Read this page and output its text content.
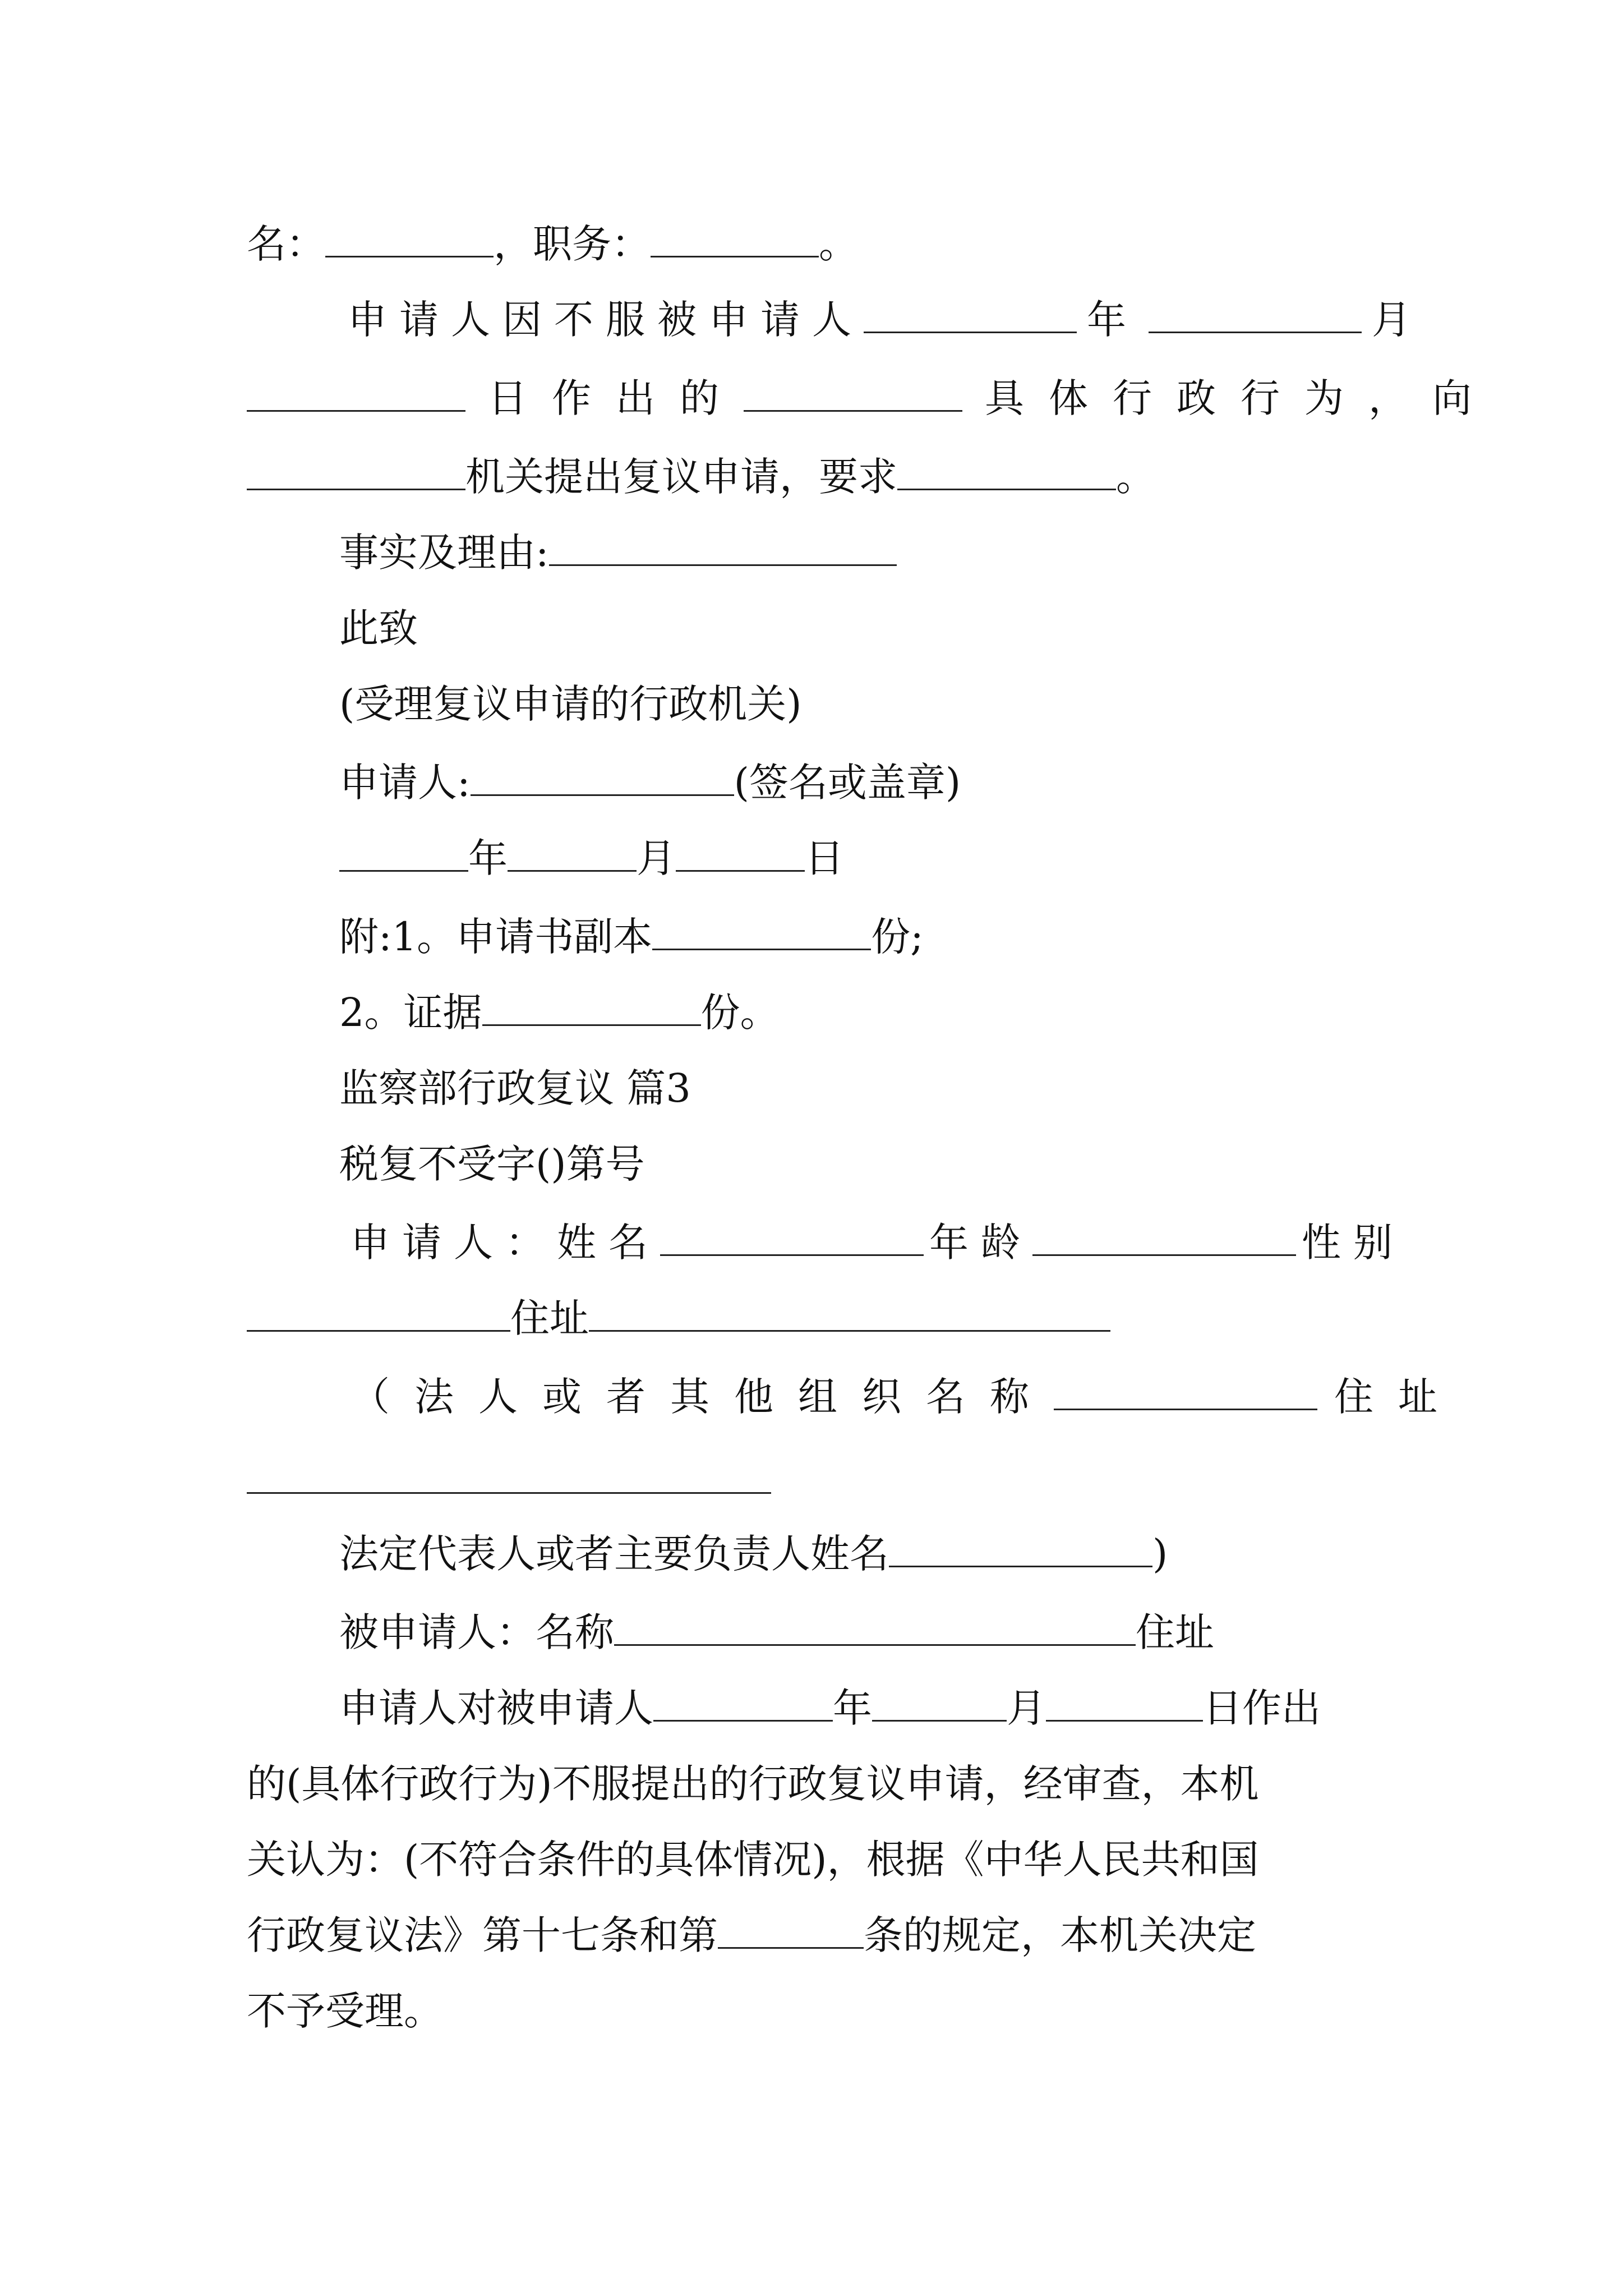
名：	，职务：	。
申请人因不服被申请人	年	月
日作出的	具体行政行为，向
机关提出复议申请，要求	。
事实及理由:
此致
(受理复议申请的行政机关)
申请人:	(签名或盖章)
年	月	日
附:1。申请书副本	份;
2。证据	份。
监察部行政复议 篇3
税复不受字()第号
申请人：姓名	年龄	性别
住址
（法人或者其他组织名称	住址
法定代表人或者主要负责人姓名	)
被申请人：名称	住址
申请人对被申请人	年	月	日作出
的(具体行政行为)不服提出的行政复议申请，经审查，本机
关认为：(不符合条件的具体情况)，根据《中华人民共和国
行政复议法》第十七条和第	条的规定，本机关决定
不予受理。
